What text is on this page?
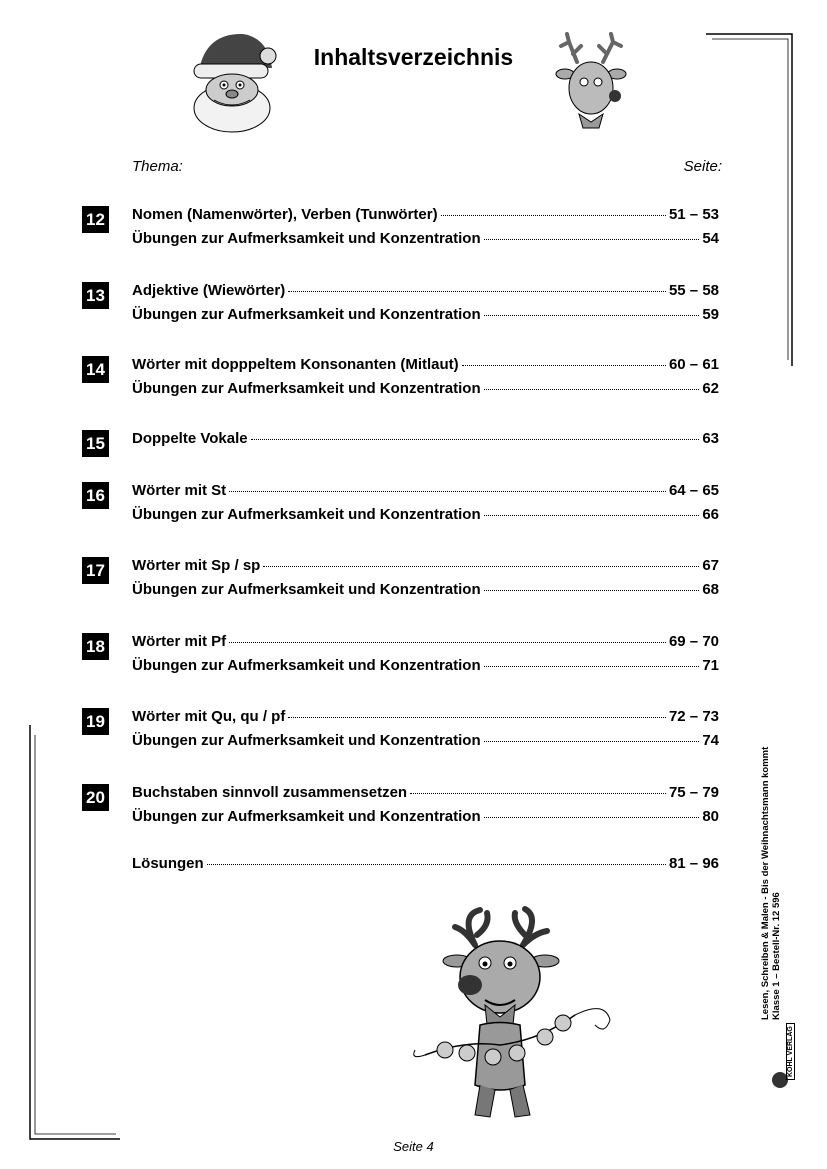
Inhaltsverzeichnis
Thema:	Seite:
12 Nomen (Namenwörter), Verben (Tunwörter)	51 – 53
Übungen zur Aufmerksamkeit und Konzentration	54
13 Adjektive (Wiewörter)	55 – 58
Übungen zur Aufmerksamkeit und Konzentration	59
14 Wörter mit dopppeltem Konsonanten (Mitlaut)	60 – 61
Übungen zur Aufmerksamkeit und Konzentration	62
15 Doppelte Vokale	63
16 Wörter mit St	64 – 65
Übungen zur Aufmerksamkeit und Konzentration	66
17 Wörter mit Sp / sp	67
Übungen zur Aufmerksamkeit und Konzentration	68
18 Wörter mit Pf	69 – 70
Übungen zur Aufmerksamkeit und Konzentration	71
19 Wörter mit Qu, qu / pf	72 – 73
Übungen zur Aufmerksamkeit und Konzentration	74
20 Buchstaben sinnvoll zusammensetzen	75 – 79
Übungen zur Aufmerksamkeit und Konzentration	80
Lösungen	81 – 96	Lesen, Schreiben & Malen - Bis der Weihnachtsmann kommt Klasse 1 – Bestell-Nr. 12 596
KOHL VERLAG
Seite 4
